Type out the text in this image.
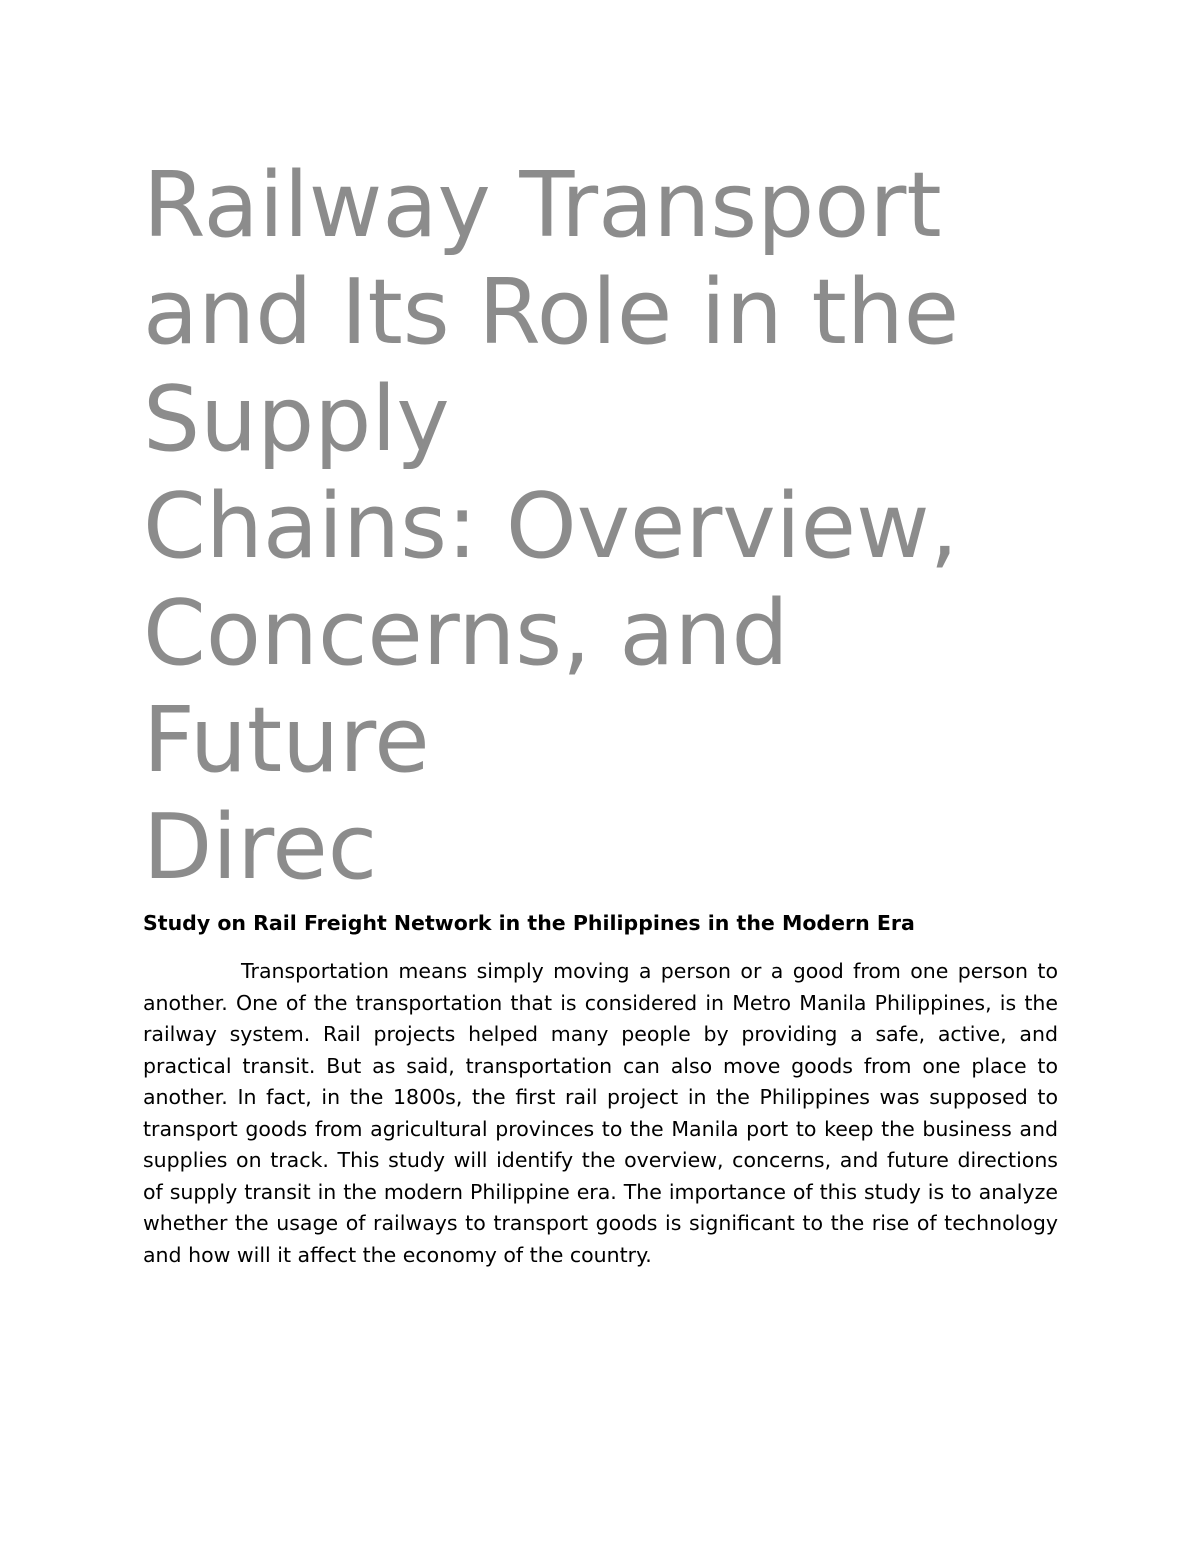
Railway Transport
and Its Role in the
Supply
Chains: Overview,
Concerns, and
Future
Direc
Study on Rail Freight Network in the Philippines in the Modern Era

Transportation means simply moving a person or a good from one person to another. One of the transportation that is considered in Metro Manila Philippines, is the railway system. Rail projects helped many people by providing a safe, active, and practical transit. But as said, transportation can also move goods from one place to another. In fact, in the 1800s, the first rail project in the Philippines was supposed to transport goods from agricultural provinces to the Manila port to keep the business and supplies on track. This study will identify the overview, concerns, and future directions of supply transit in the modern Philippine era. The importance of this study is to analyze whether the usage of railways to transport goods is significant to the rise of technology and how will it affect the economy of the country.
